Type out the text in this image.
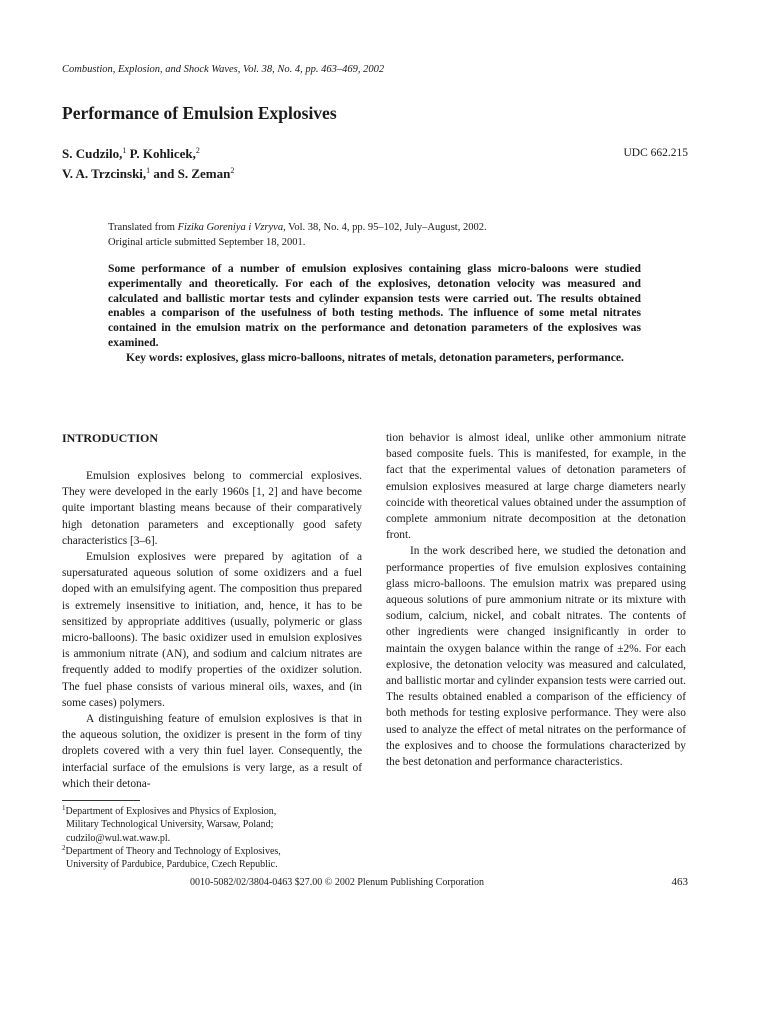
Combustion, Explosion, and Shock Waves, Vol. 38, No. 4, pp. 463–469, 2002
Performance of Emulsion Explosives

S. Cudzilo,$^1$ P. Kohlicek,$^2$

V. A. Trzcinski,$^1$ and S. Zeman$^2$

UDC 662.215

Translated from Fizika Goreniya i Vzryva, Vol. 38, No. 4, pp. 95–102, July–August, 2002.

Original article submitted September 18, 2001.

Some performance of a number of emulsion explosives containing glass micro-baloons were studied experimentally and theoretically. For each of the explosives, detonation velocity was measured and calculated and ballistic mortar tests and cylinder expansion tests were carried out. The results obtained enables a comparison of the usefulness of both testing methods. The influence of some metal nitrates contained in the emulsion matrix on the performance and detonation parameters of the explosives was examined.

Key words: explosives, glass micro-balloons, nitrates of metals, detonation parameters, performance.

INTRODUCTION

Emulsion explosives belong to commercial explosives. They were developed in the early 1960s [1, 2] and have become quite important blasting means because of their comparatively high detonation parameters and exceptionally good safety characteristics [3–6].

Emulsion explosives were prepared by agitation of a supersaturated aqueous solution of some oxidizers and a fuel doped with an emulsifying agent. The composition thus prepared is extremely insensitive to initiation, and, hence, it has to be sensitized by appropriate additives (usually, polymeric or glass micro-balloons). The basic oxidizer used in emulsion explosives is ammonium nitrate (AN), and sodium and calcium nitrates are frequently added to modify properties of the oxidizer solution. The fuel phase consists of various mineral oils, waxes, and (in some cases) polymers.

A distinguishing feature of emulsion explosives is that in the aqueous solution, the oxidizer is present in the form of tiny droplets covered with a very thin fuel layer. Consequently, the interfacial surface of the emulsions is very large, as a result of which their detona-

tion behavior is almost ideal, unlike other ammonium nitrate based composite fuels. This is manifested, for example, in the fact that the experimental values of detonation parameters of emulsion explosives measured at large charge diameters nearly coincide with theoretical values obtained under the assumption of complete ammonium nitrate decomposition at the detonation front.

In the work described here, we studied the detonation and performance properties of five emulsion explosives containing glass micro-balloons. The emulsion matrix was prepared using aqueous solutions of pure ammonium nitrate or its mixture with sodium, calcium, nickel, and cobalt nitrates. The contents of other ingredients were changed insignificantly in order to maintain the oxygen balance within the range of ±2%. For each explosive, the detonation velocity was measured and calculated, and ballistic mortar and cylinder expansion tests were carried out. The results obtained enabled a comparison of the efficiency of both methods for testing explosive performance. They were also used to analyze the effect of metal nitrates on the performance of the explosives and to choose the formulations characterized by the best detonation and performance characteristics.

$^1$Department of Explosives and Physics of Explosion,

Military Technological University, Warsaw, Poland;

cudzilo@wul.wat.waw.pl.

$^2$Department of Theory and Technology of Explosives,

University of Pardubice, Pardubice, Czech Republic.

0010-5082/02/3804-0463 $27.00 © 2002 Plenum Publishing Corporation	463
